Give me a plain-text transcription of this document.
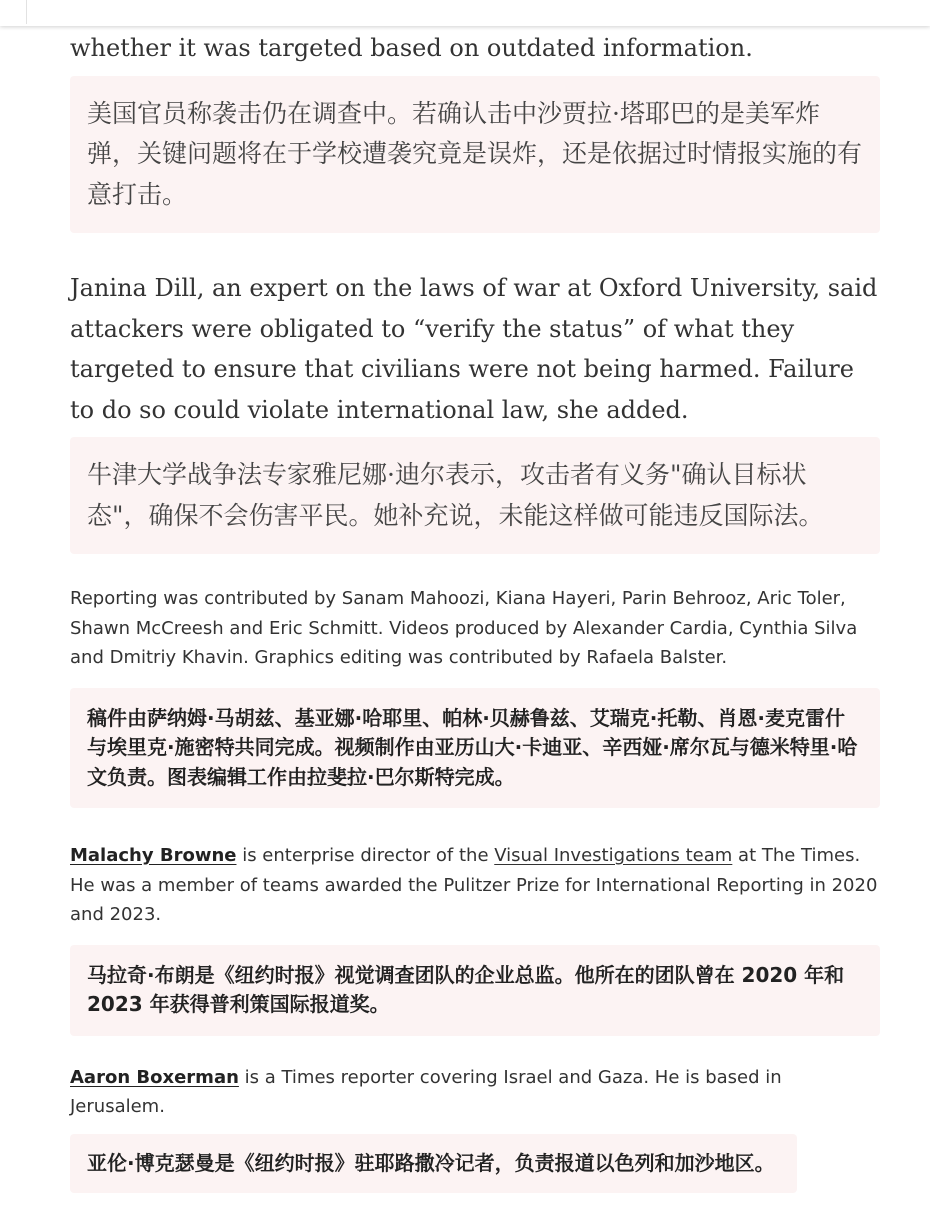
whether it was targeted based on outdated information.

美国官员称袭击仍在调查中。若确认击中沙贾拉·塔耶巴的是美军炸弹，关键问题将在于学校遭袭究竟是误炸，还是依据过时情报实施的有意打击。

Janina Dill, an expert on the laws of war at Oxford University, said attackers were obligated to “verify the status” of what they targeted to ensure that civilians were not being harmed. Failure to do so could violate international law, she added.

牛津大学战争法专家雅尼娜·迪尔表示，攻击者有义务"确认目标状态"，确保不会伤害平民。她补充说，未能这样做可能违反国际法。

Reporting was contributed by Sanam Mahoozi, Kiana Hayeri, Parin Behrooz, Aric Toler, Shawn McCreesh and Eric Schmitt. Videos produced by Alexander Cardia, Cynthia Silva and Dmitriy Khavin. Graphics editing was contributed by Rafaela Balster.

稿件由萨纳姆·马胡兹、基亚娜·哈耶里、帕林·贝赫鲁兹、艾瑞克·托勒、肖恩·麦克雷什与埃里克·施密特共同完成。视频制作由亚历山大·卡迪亚、辛西娅·席尔瓦与德米特里·哈文负责。图表编辑工作由拉斐拉·巴尔斯特完成。

Malachy Browne is enterprise director of the Visual Investigations team at The Times. He was a member of teams awarded the Pulitzer Prize for International Reporting in 2020 and 2023.

马拉奇·布朗是《纽约时报》视觉调查团队的企业总监。他所在的团队曾在 2020 年和 2023 年获得普利策国际报道奖。

Aaron Boxerman is a Times reporter covering Israel and Gaza. He is based in Jerusalem.

亚伦·博克瑟曼是《纽约时报》驻耶路撒冷记者，负责报道以色列和加沙地区。
